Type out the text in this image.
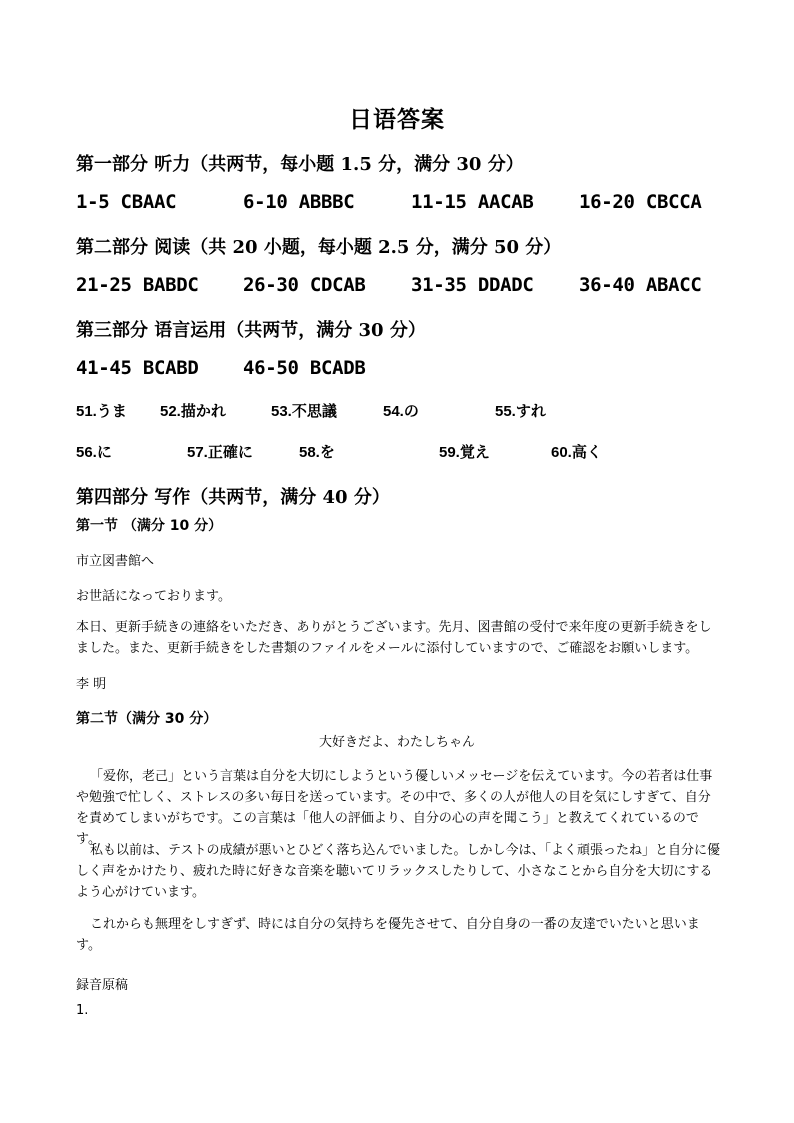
日语答案
第一部分 听力（共两节，每小题 1.5 分，满分 30 分）
1-5 CBAAC	6-10 ABBBC	11-15 AACAB 16-20 CBCCA
第二部分 阅读（共 20 小题，每小题 2.5 分，满分 50 分）
21-25 BABDC 26-30 CDCAB 31-35 DDADC 36-40 ABACC
第三部分 语言运用（共两节，满分 30 分）
41-45 BCABD 46-50 BCADB
51.うま 52.描かれ	53.不思議	54.の	55.すれ
56.に	57.正確に	58.を	59.覚え	60.高く
第四部分 写作（共两节，满分 40 分）
第一节 （满分 10 分）
市立図書館へ
お世話になっております。
本日、更新手続きの連絡をいただき、ありがとうございます。先月、図書館の受付で来年度の更新手続きをしました。また、更新手続きをした書類のファイルをメールに添付していますので、ご確認をお願いします。
李 明
第二节（满分 30 分）
大好きだよ、わたしちゃん
「爱你，老己」という言葉は自分を大切にしようという優しいメッセージを伝えています。今の若者は仕事や勉強で忙しく、ストレスの多い毎日を送っています。その中で、多くの人が他人の目を気にしすぎて、自分を責めてしまいがちです。この言葉は「他人の評価より、自分の心の声を聞こう」と教えてくれているのです。
私も以前は、テストの成績が悪いとひどく落ち込んでいました。しかし今は、「よく頑張ったね」と自分に優しく声をかけたり、疲れた時に好きな音楽を聴いてリラックスしたりして、小さなことから自分を大切にするよう心がけています。
これからも無理をしすぎず、時には自分の気持ちを優先させて、自分自身の一番の友達でいたいと思います。
録音原稿
1.
